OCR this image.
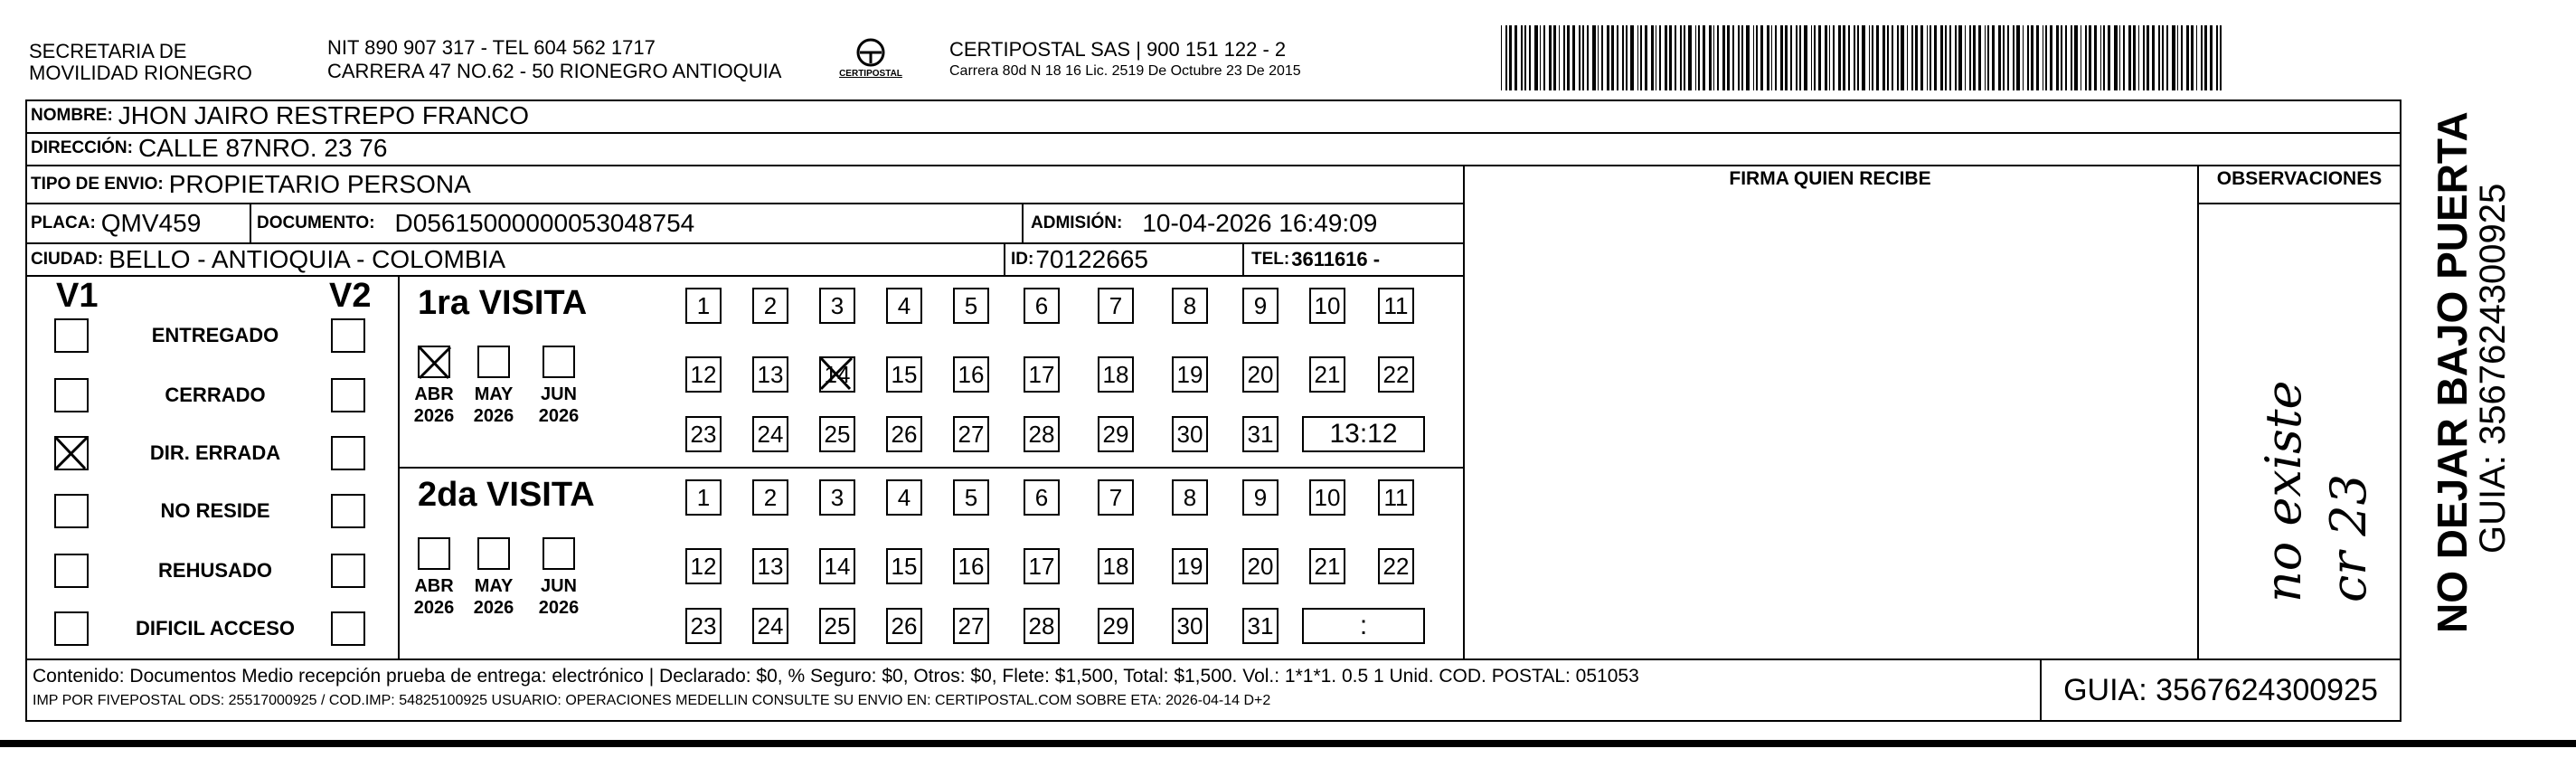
SECRETARIA DE
MOVILIDAD RIONEGRO
NIT 890 907 317 - TEL 604 562 1717
CARRERA 47 NO.62 - 50 RIONEGRO ANTIOQUIA	CERTIPOSTAL
CERTIPOSTAL SAS | 900 151 122 - 2
Carrera 80d N 18 16 Lic. 2519 De Octubre 23 De 2015
NOMBRE: JHON JAIRO RESTREPO FRANCO
DIRECCIÓN: CALLE 87NRO. 23 76
TIPO DE ENVIO: PROPIETARIO PERSONA
PLACA: QMV459	DOCUMENTO: D05615000000053048754	ADMISIÓN: 10-04-2026 16:49:09
CIUDAD: BELLO - ANTIOQUIA - COLOMBIA	ID: 70122665	TEL: 3611616 -
FIRMA QUIEN RECIBE	OBSERVACIONES
no existe cr 23
V1	V2
ENTREGADO
CERRADO
DIR. ERRADA
NO RESIDE
REHUSADO
DIFICIL ACCESO
1ra VISITA
ABR
2026
MAY
2026
JUN
2026
1	2	3	4	5	6	7	8	9	10 11
12 13 14 15 16 17 18 19 20 21 22
23 24 25 26 27 28 29 30 31	13:12
2da VISITA
ABR
2026
MAY
2026
JUN
2026
1	2	3	4	5	6	7	8	9	10 11
12 13 14 15 16 17 18 19 20 21 22
23 24 25 26 27 28 29 30 31	:
Contenido: Documentos Medio recepción prueba de entrega: electrónico | Declarado: $0, % Seguro: $0, Otros: $0, Flete: $1,500, Total: $1,500. Vol.: 1*1*1. 0.5 1 Unid. COD. POSTAL: 051053
IMP POR FIVEPOSTAL ODS: 25517000925 / COD.IMP: 54825100925 USUARIO: OPERACIONES MEDELLIN CONSULTE SU ENVIO EN: CERTIPOSTAL.COM SOBRE ETA: 2026-04-14 D+2	GUIA: 3567624300925
NO DEJAR BAJO PUERTA
GUIA: 3567624300925
